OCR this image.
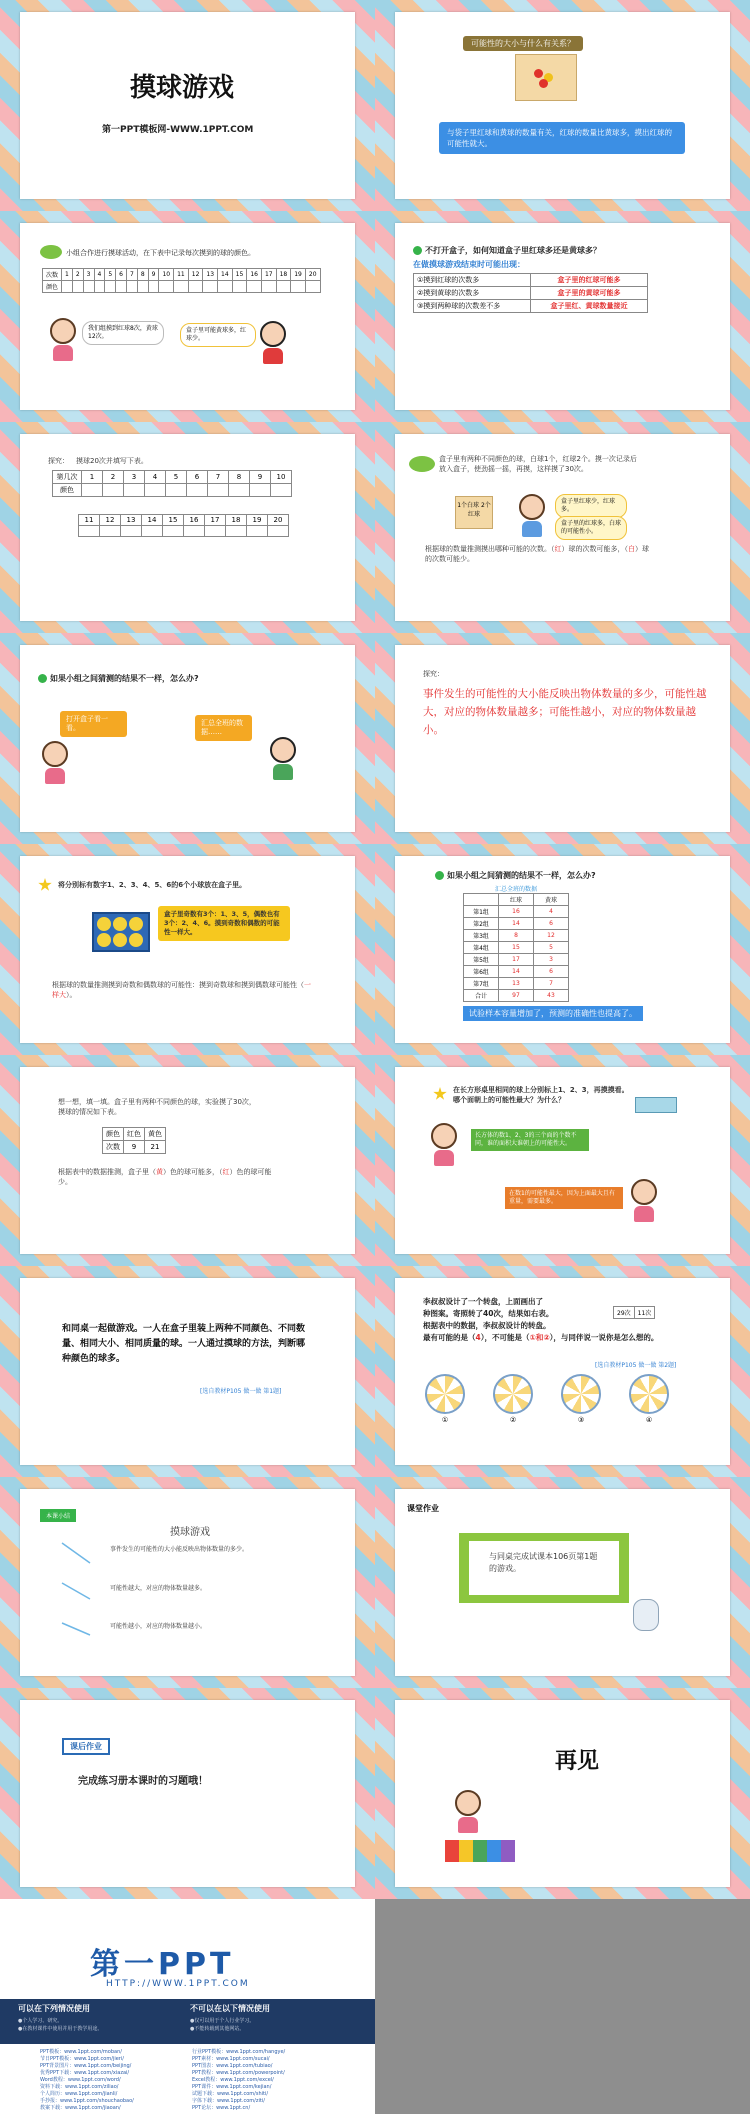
摸球游戏
第一PPT模板网-WWW.1PPT.COM
可能性的大小与什么有关系？
与袋子里红球和黄球的数量有关，红球的数量比黄球多，摸出红球的可能性就大。
小组合作进行摸球活动，在下表中记录每次摸到的球的颜色。
次数	1	2	3	4	5	6	7	8	9	10	11	12	13	14	15	16	17	18	19	20
颜色																				
我们组摸到红球8次，黄球12次。
盒子里可能黄球多，红球少。
不打开盒子，如何知道盒子里红球多还是黄球多？
在做摸球游戏结束时可能出现：
①摸到红球的次数多	盒子里的红球可能多
②摸到黄球的次数多	盒子里的黄球可能多
③摸到两种球的次数差不多	盒子里红、黄球数量接近
探究： 摸球20次并填写下表。
第几次	1	2	3	4	5	6	7	8	9	10
颜色										
11	12	13	14	15	16	17	18	19	20

盒子里有两种不同颜色的球，白球1个，红球2个。摸一次记录后放入盒子，使劲摇一摇，再摸，这样摸了30次。
1个白球 2个红球
盒子里红球少，红球多。
盒子里的红球多，白球的可能性小。
根据球的数量推测摸出哪种可能的次数。（红）球的次数可能多，（白）球的次数可能少。
如果小组之间猜测的结果不一样，怎么办?
打开盒子看一看。
汇总全班的数据……
探究：
事件发生的可能性的大小能反映出物体数量的多少，可能性越大，对应的物体数量越多；可能性越小，对应的物体数量越小。
将分别标有数字1、2、3、4、5、6的6个小球放在盒子里。
盒子里奇数有3个：1、3、5，偶数也有3个：2、4、6。摸到奇数和偶数的可能性一样大。
根据球的数量推测摸到奇数和偶数球的可能性：摸到奇数球和摸到偶数球可能性（一样大）。
如果小组之间猜测的结果不一样，怎么办?
汇总全班的数据
	红球	黄球
第1组	16	4
第2组	14	6
第3组	8	12
第4组	15	5
第5组	17	3
第6组	14	6
第7组	13	7
合计	97	43
试验样本容量增加了，预测的准确性也提高了。
想一想，填一填。盒子里有两种不同颜色的球，实验摸了30次，摸球的情况如下表。
颜色	红色	黄色
次数	9	21
根据表中的数据推测，盒子里（黄）色的球可能多，（红）色的球可能少。
在长方形桌里相同的球上分别标上1、2、3，再摸摸看。哪个面朝上的可能性最大？为什么？
长方体的数1、2、3的三个面的个数不同，谁的面积大谁朝上的可能性大。
在数1的可能性最大，因为上面最大且有重量，需要最多。
和同桌一起做游戏。一人在盒子里装上两种不同颜色、不同数量、相同大小、相同质量的球。一人通过摸球的方法，判断哪种颜色的球多。
[选自教材P105 做一做 第1题]
李叔叔设计了一个转盘，上面画出了
种图案。寄照转了40次，结果如右表。
根据表中的数据，李叔叔设计的转盘。
最有可能的是（4），不可能是（①和②），与同伴说一说你是怎么想的。
29次	11次
[选自教材P105 做一做 第2题]
①	②	③	④
本课小结
摸球游戏
事件发生的可能性的大小能反映出物体数量的多少。
可能性越大，对应的物体数量越多。
可能性越小，对应的物体数量越小。
课堂作业
与同桌完成试课本106页第1题的游戏。
课后作业
完成练习册本课时的习题哦！
再见
第一PPT
HTTP://WWW.1PPT.COM
可以在下列情况使用	不可以在以下情况使用
●个人学习、研究。
●在教材课件中使用并用于教学用途。
●仅可以用于个人行业学习。
●不能转载到其他网站。
PPT模板：www.1ppt.com/moban/
节日PPT模板：www.1ppt.com/jieri/
PPT背景图片：www.1ppt.com/beijing/
优秀PPT下载：www.1ppt.com/xiazai/
Word教程：www.1ppt.com/word/
资料下载：www.1ppt.com/ziliao/
个人简历：www.1ppt.com/jianli/
手抄报：www.1ppt.com/shouchaobao/
教案下载：www.1ppt.com/jiaoan/
行业PPT模板：www.1ppt.com/hangye/
PPT素材：www.1ppt.com/sucai/
PPT图表：www.1ppt.com/tubiao/
PPT教程：www.1ppt.com/powerpoint/
Excel教程：www.1ppt.com/excel/
PPT课件：www.1ppt.com/kejian/
试题下载：www.1ppt.com/shiti/
字体下载：www.1ppt.com/ziti/
PPT论坛：www.1ppt.cn/
